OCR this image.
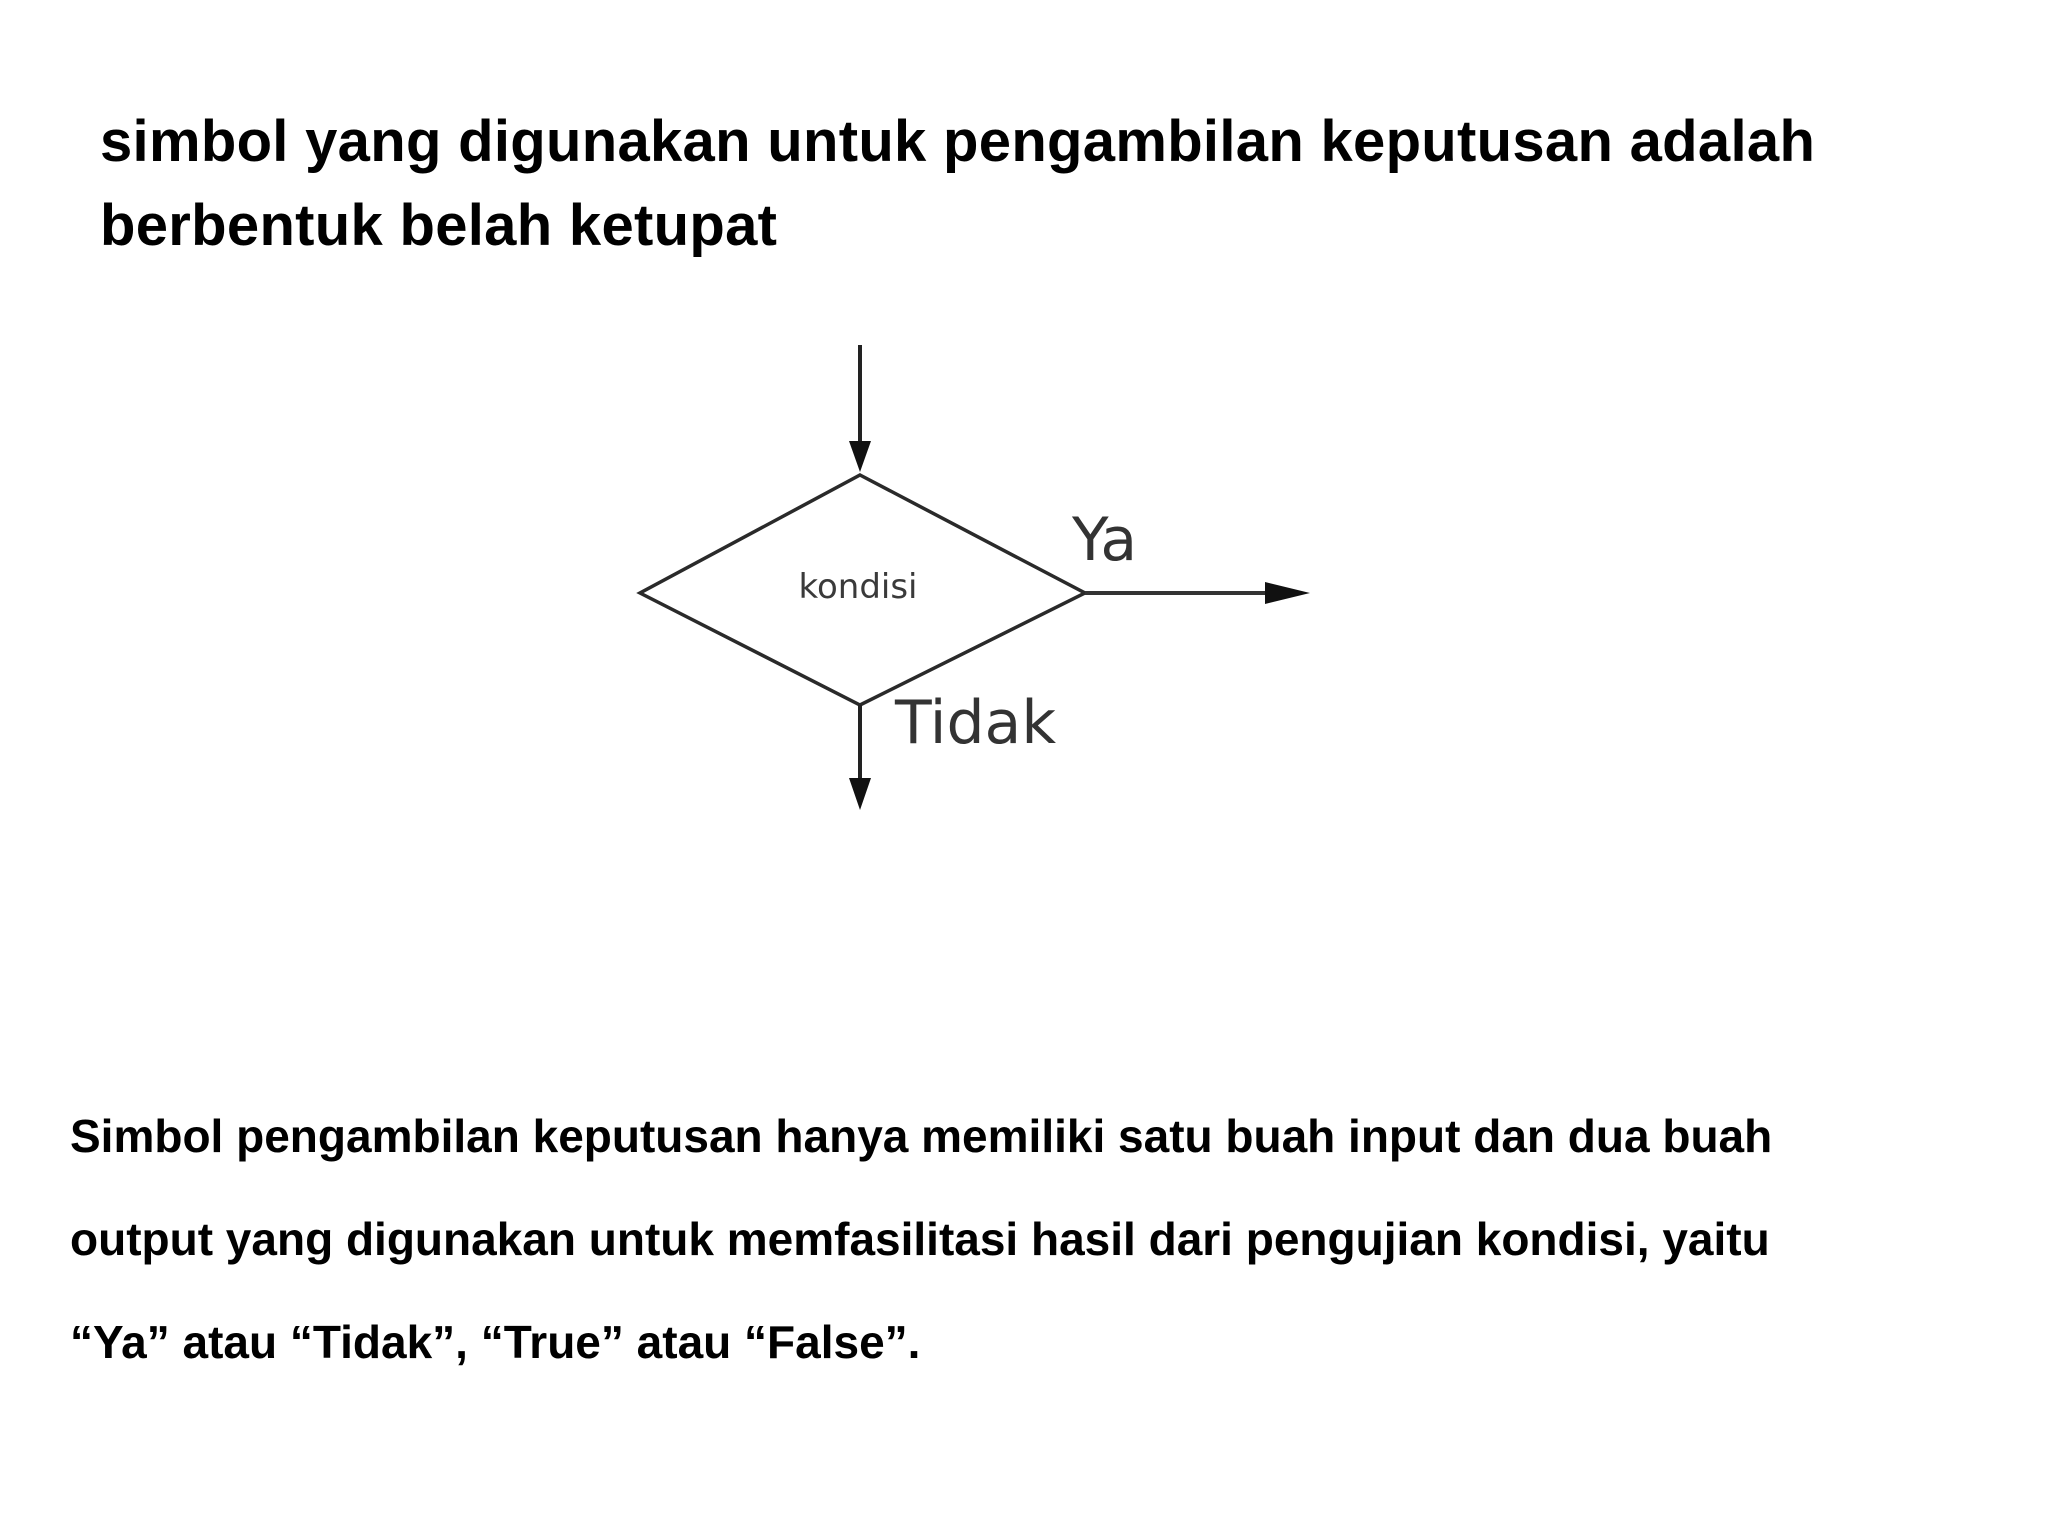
simbol yang digunakan untuk pengambilan keputusan adalah
berbentuk belah ketupat
kondisi
Ya
Tidak

Simbol pengambilan keputusan hanya memiliki satu buah input dan dua buah
output yang digunakan untuk memfasilitasi hasil dari pengujian kondisi, yaitu
“Ya” atau “Tidak”, “True” atau “False”.
